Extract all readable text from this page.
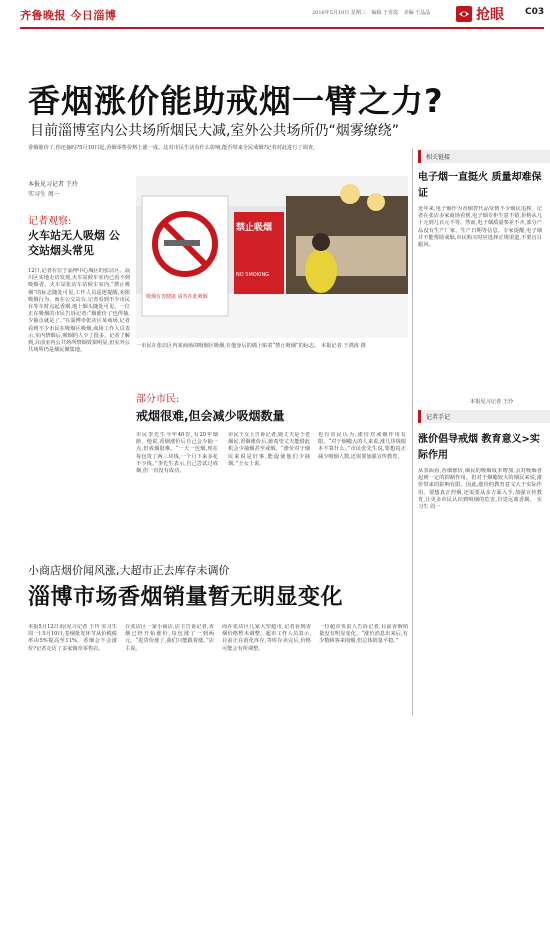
齐鲁晚报 今日淄博	2016年5月10日 星期三 编辑 于青霞 美编 王晶晶	抢眼 C03
香烟涨价能助戒烟一臂之力?
目前淄博室内公共场所烟民大减,室外公共场所仍“烟雾缭绕”
香烟涨价了,你还抽吗?5月10日起,香烟零售价格上涨一成。这对市民生活有什么影响,能否带来全民戒烟?记者对此进行了调查。
本报见习记者 王玲
实习生 周一
记者观察:
火车站无人吸烟 公交站烟头常见
12日,记者在位于淄博中心城区的张店区、淄川区实地走访发现,火车站候车室内已看不到吸烟者。火车站张店车站候车室内,“禁止吸烟”的标志随处可见,工作人员巡逻提醒,劝阻吸烟行为。而在公交站台,记者看到不少市民在等车时点起香烟,地上烟头随处可见。一位正在吸烟的市民告诉记者:“烟涨价了也得抽,少抽点就是了。”在淄博市张店区某商场,记者看到不少市民在吸烟区吸烟,商场工作人员表示,室内禁烟后,吸烟的人少了很多。记者了解到,目前室内公共场所禁烟效果明显,但室外公共场所仍是烟民聚集地。
禁止吸烟
NO SMOKING
吸烟有害健康 请勿在此吸烟
一市民在张店区内某商场的吸烟区吸烟,在他身后的墙上贴着“禁止吸烟”的标志。 本报记者 王鸿涛 摄
部分市民:
戒烟很难,但会减少吸烟数量
市民李先生今年40岁,有20年烟龄。他说,香烟涨价后自己会少抽一点,但戒烟很难。“一天一包烟,现在每包贵了两三块钱,一个月下来多花不少钱。”李先生表示,自己尝试过戒烟,但一直没有成功。
市民王女士告诉记者,她丈夫是个老烟民,香烟涨价后,她希望丈夫能借此机会少抽烟甚至戒烟。“涨价对于烟民来说是好事,能促使他们少抽烟。”王女士说。
也有市民认为,涨价对戒烟作用有限。“对于烟瘾大的人来说,涨几块钱根本不算什么。”市民张先生说,要想真正减少吸烟人数,还需要加强宣传教育。
小商店烟价闻风涨,大超市正去库存未调价
淄博市场香烟销量暂无明显变化
本报5月12日讯(见习记者 王玲 实习生 周一) 5月10日,卷烟批发环节从价税税率由5%提高至11%。香烟会不会涨价?记者走访了多家烟草零售店。
在张店区一家小商店,店主告诉记者,香烟已经开始涨价,每包涨了一到两元。“进货价涨了,我们只能跟着涨。”店主说。
而在张店区几家大型超市,记者看到香烟价格暂未调整。超市工作人员表示,目前正在消化库存,等库存卖完后,价格可能会有所调整。
一位超市负责人告诉记者,目前香烟销量没有明显变化。“涨价消息出来后,有少数顾客来囤烟,但总体销量平稳。”
相关链接
电子烟一直挺火 质量却难保证
近年来,电子烟作为香烟替代品受到不少烟民追捧。记者在张店多家商场看到,电子烟专柜生意不错,价格从几十元到几百元不等。然而,电子烟质量参差不齐,部分产品没有生产厂家、生产日期等信息。专家提醒,电子烟并不能帮助戒烟,市民购买时应选择正规渠道,不要盲目跟风。
本报见习记者 王玲
记者手记
涨价倡导戒烟 教育意义>实际作用
从表面看,香烟涨价,烟民的吸烟成本增加,会对吸烟者起到一定的抑制作用。但对于烟瘾较大的烟民来说,涨价带来的影响有限。因此,涨价的教育意义大于实际作用。要想真正控烟,还需要从多方面入手,加强宣传教育,让更多市民认识到吸烟的危害,自觉远离香烟。 实习生 周一
